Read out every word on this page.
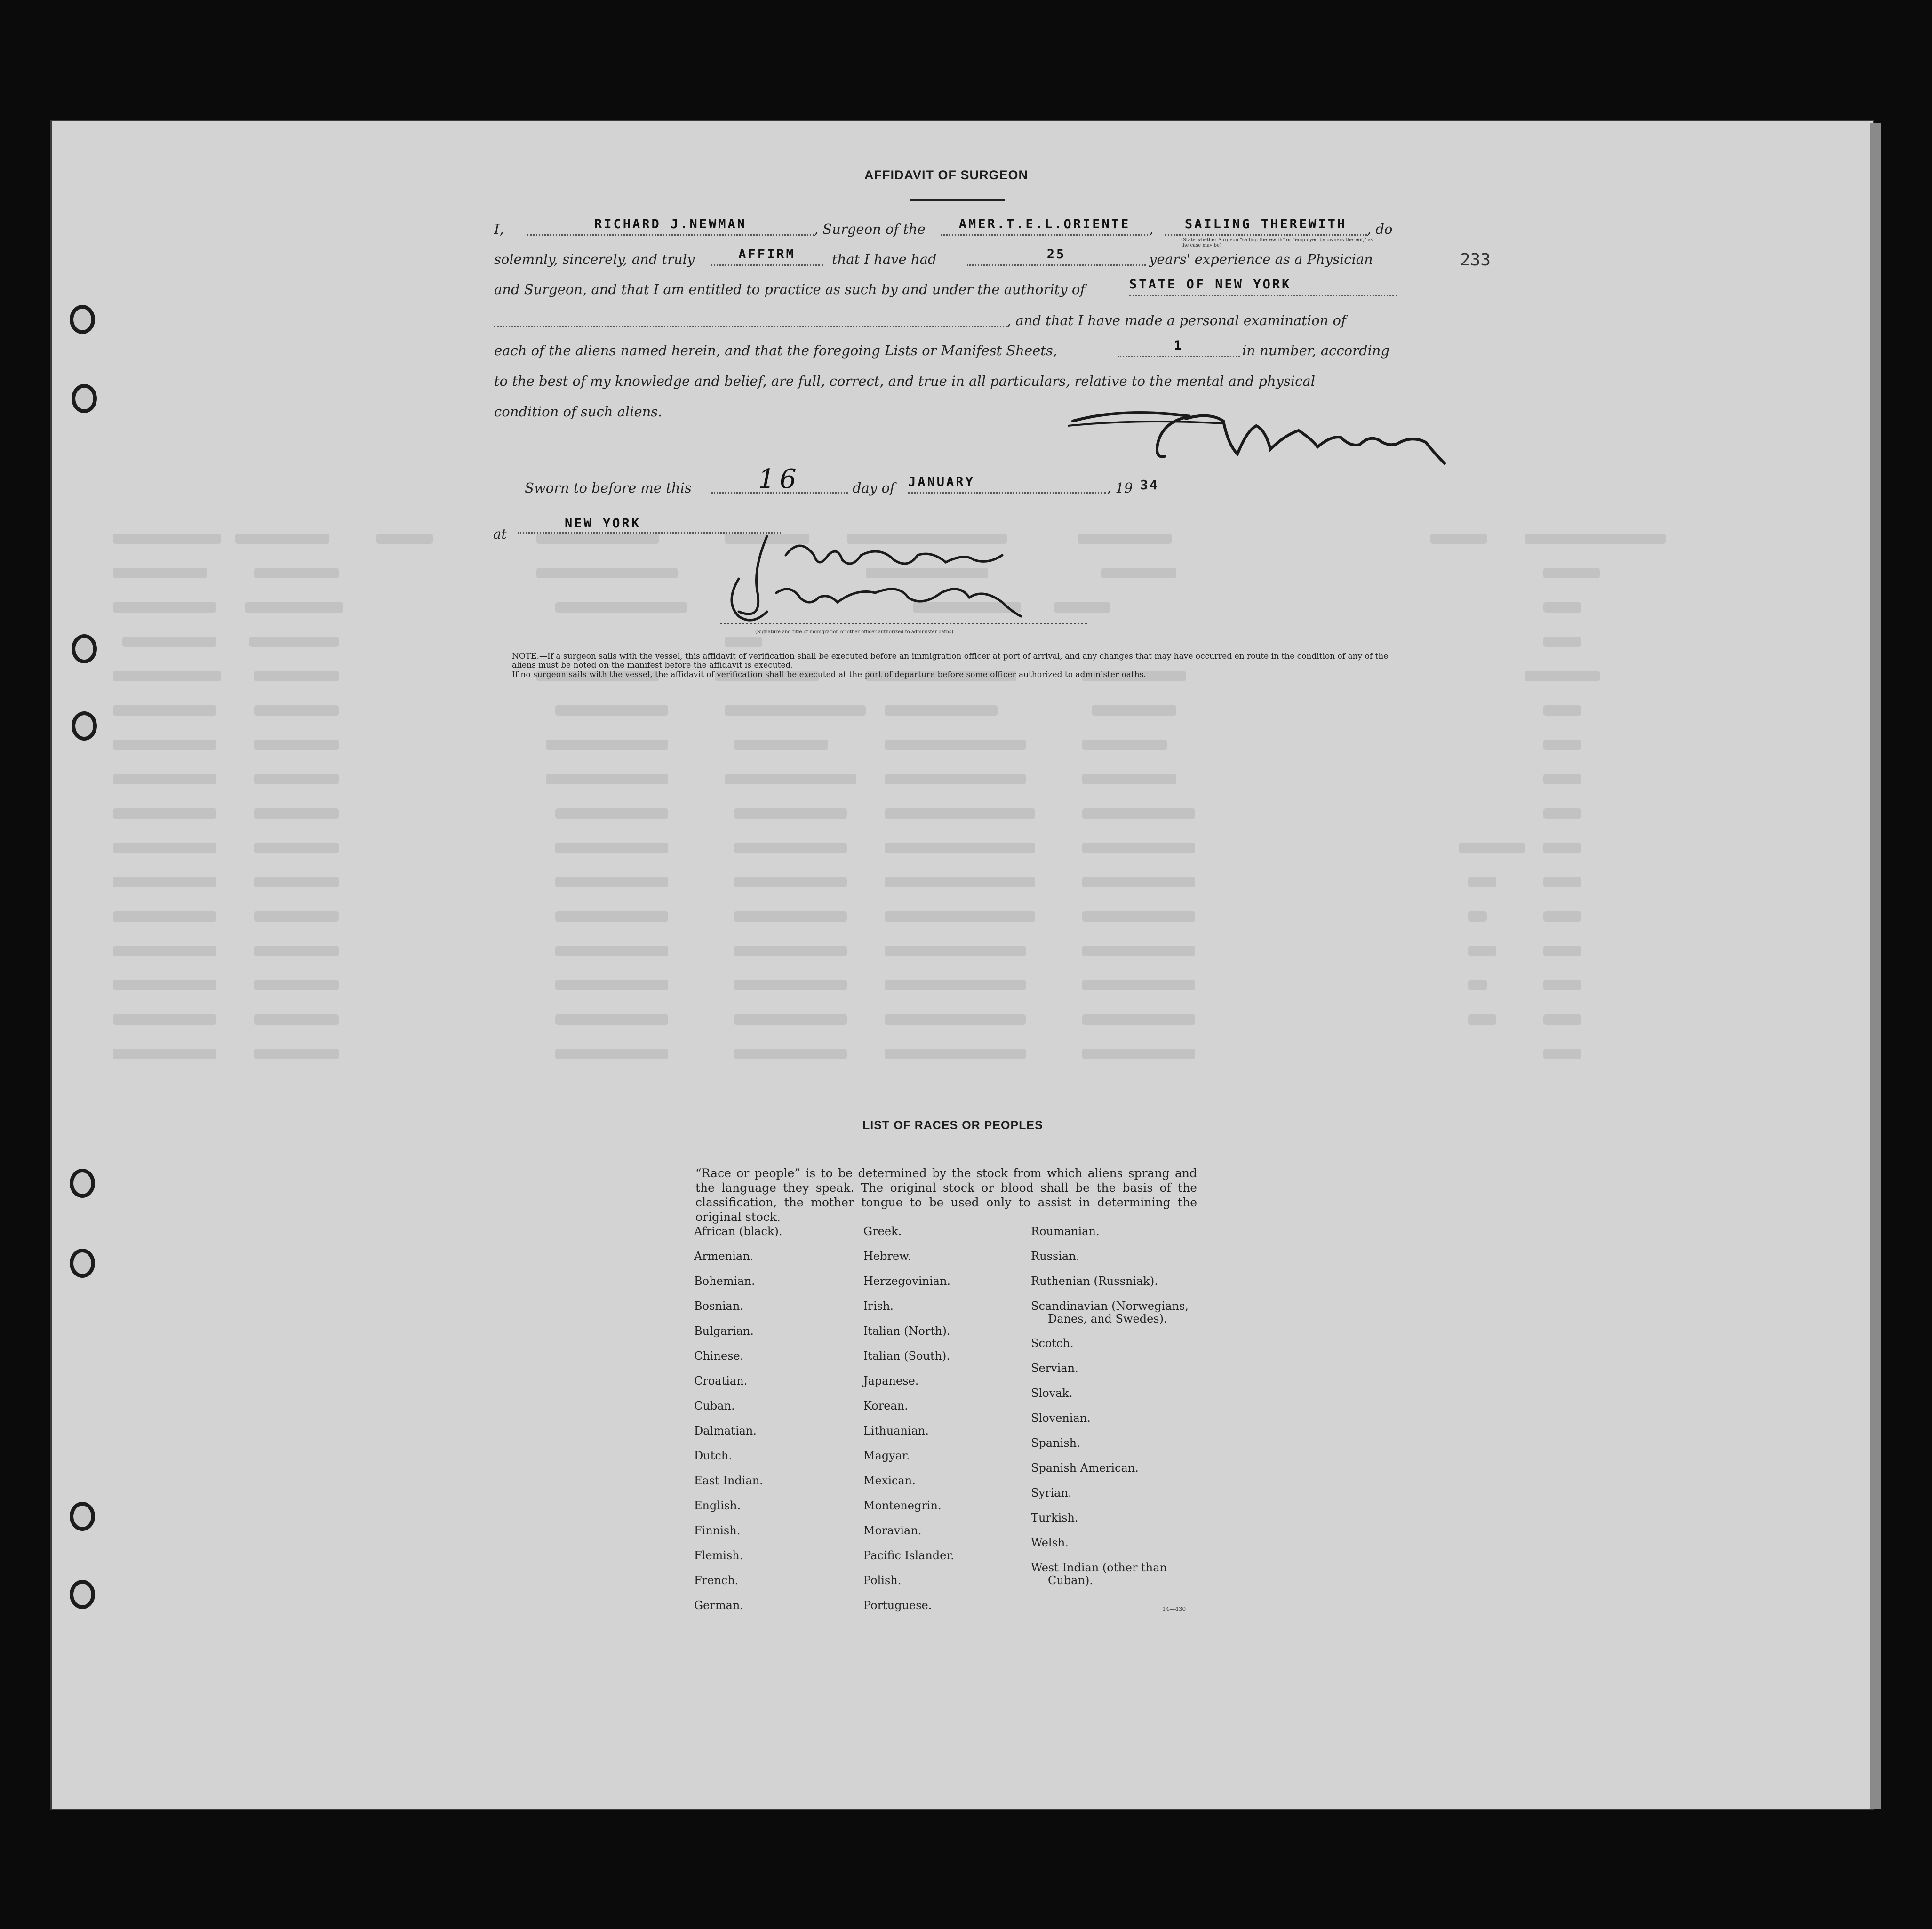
AFFIDAVIT OF SURGEON
233
I,	RICHARD J.NEWMAN	, Surgeon of the	AMER.T.E.L.ORIENTE	,	SAILING THEREWITH	, do
(State whether Surgeon "sailing therewith" or "employed by owners thereof," as the case may be)
solemnly, sincerely, and truly	AFFIRM	that I have had	25	years' experience as a Physician
and Surgeon, and that I am entitled to practice as such by and under the authority of	STATE OF NEW YORK
, and that I have made a personal examination of
each of the aliens named herein, and that the foregoing Lists or Manifest Sheets,	1	in number, according
to the best of my knowledge and belief, are full, correct, and true in all particulars, relative to the mental and physical
condition of such aliens.
Sworn to before me this	16	day of JANUARY	, 19 34
at
NEW YORK
(Signature and title of immigration or other officer authorized to administer oaths)
NOTE.—If a surgeon sails with the vessel, this affidavit of verification shall be executed before an immigration officer at port of arrival, and any changes that may have occurred en route in the condition of any of the aliens must be noted on the manifest before the affidavit is executed.
If no surgeon sails with the vessel, the affidavit of verification shall be executed at the port of departure before some officer authorized to administer oaths.
LIST OF RACES OR PEOPLES
“Race or people” is to be determined by the stock from which aliens sprang and the language they speak. The original stock or blood shall be the basis of the classification, the mother tongue to be used only to assist in determining the original stock.
African (black).
Armenian.
Bohemian.
Bosnian.
Bulgarian.
Chinese.
Croatian.
Cuban.
Dalmatian.
Dutch.
East Indian.
English.
Finnish.
Flemish.
French.
German.
Greek.
Hebrew.
Herzegovinian.
Irish.
Italian (North).
Italian (South).
Japanese.
Korean.
Lithuanian.
Magyar.
Mexican.
Montenegrin.
Moravian.
Pacific Islander.
Polish.
Portuguese.
Roumanian.
Russian.
Ruthenian (Russniak).
Scandinavian (Norwegians,
Danes, and Swedes).
Scotch.
Servian.
Slovak.
Slovenian.
Spanish.
Spanish American.
Syrian.
Turkish.
Welsh.
West Indian (other than
Cuban).
14—430
